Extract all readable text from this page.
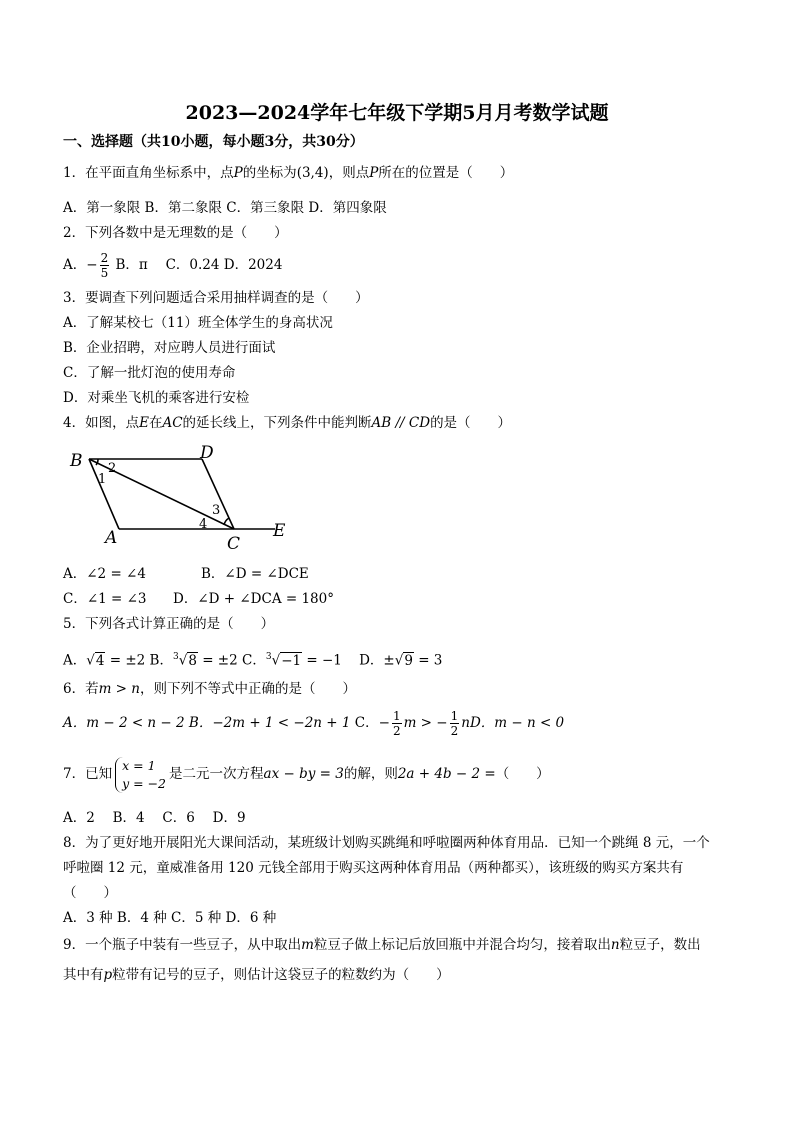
2023—2024学年七年级下学期5月月考数学试题
一、选择题（共10小题，每小题3分，共30分）
1．在平面直角坐标系中，点P的坐标为(3,4)，则点P所在的位置是（　　）
A．第一象限 B．第二象限 C．第三象限 D．第四象限
2．下列各数中是无理数的是（　　）
A．− $\frac{2}{5}$ B．π　 C．0.24 D．2024
3．要调查下列问题适合采用抽样调查的是（　　）
A．了解某校七（11）班全体学生的身高状况
B．企业招聘，对应聘人员进行面试
C．了解一批灯泡的使用寿命
D．对乘坐飞机的乘客进行安检
4．如图，点E在AC的延长线上，下列条件中能判断AB // CD的是（　　）
B	D
A	C
E
2
1
3
4
A．∠2 = ∠4	B．∠D = ∠DCE
C．∠1 = ∠3 D．∠D + ∠DCA = 180°
5．下列各式计算正确的是（　　）
A．√4 = ±2 B．$^3$√8 = ±2 C．$^3$√−1 = −1 D．±√9 = 3
6．若m > n，则下列不等式中正确的是（　　）
A．m − 2 < n − 2 B．−2m + 1 < −2n + 1 C．− $\frac{1}{2}$ m > − $\frac{1}{2}$ nD．m − n < 0
7．已知
x = 1
y = −2
是二元一次方程ax − by = 3的解，则2a + 4b − 2 =（　　）
A．2　 B．4　 C．6　 D．9
8．为了更好地开展阳光大课间活动，某班级计划购买跳绳和呼啦圈两种体育用品．已知一个跳绳 8 元，一个
呼啦圈 12 元，童威准备用 120 元钱全部用于购买这两种体育用品（两种都买），该班级的购买方案共有
（　　）
A．3 种 B．4 种 C．5 种 D．6 种
9．一个瓶子中装有一些豆子，从中取出m粒豆子做上标记后放回瓶中并混合均匀，接着取出n粒豆子，数出
其中有p粒带有记号的豆子，则估计这袋豆子的粒数约为（　　）
